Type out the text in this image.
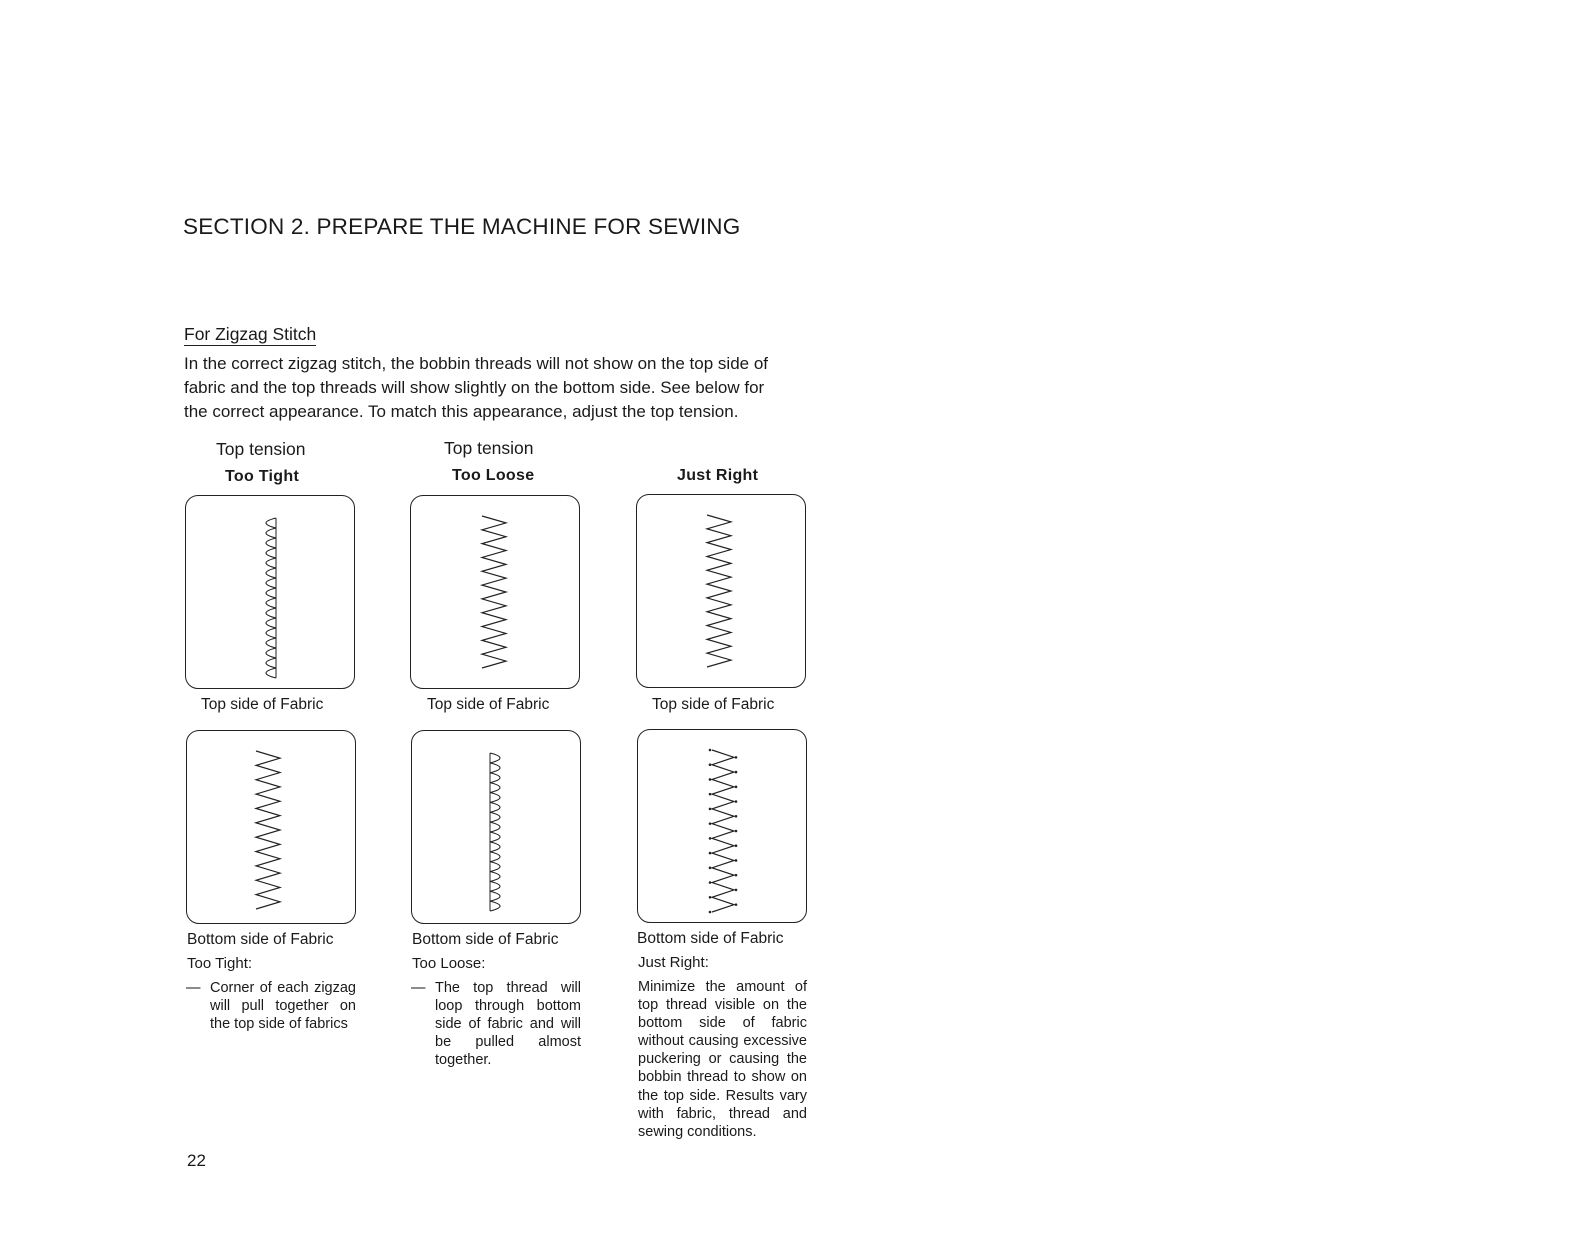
SECTION 2. PREPARE THE MACHINE FOR SEWING
For Zigzag Stitch
In the correct zigzag stitch, the bobbin threads will not show on the top side of
fabric and the top threads will show slightly on the bottom side. See below for
the correct appearance. To match this appearance, adjust the top tension.
Top tension
Too Tight
Top side of Fabric
Bottom side of Fabric
Too Tight:
— Corner of each zigzag will pull together on the top side of fabrics
Top tension
Too Loose
Top side of Fabric
Bottom side of Fabric
Too Loose:
— The top thread will loop through bottom side of fabric and will be pulled almost together.
Just Right
Top side of Fabric
Bottom side of Fabric
Just Right:
Minimize the amount of top thread visible on the bottom side of fabric without causing excessive puckering or causing the bobbin thread to show on the top side. Results vary with fabric, thread and sewing conditions.
22
